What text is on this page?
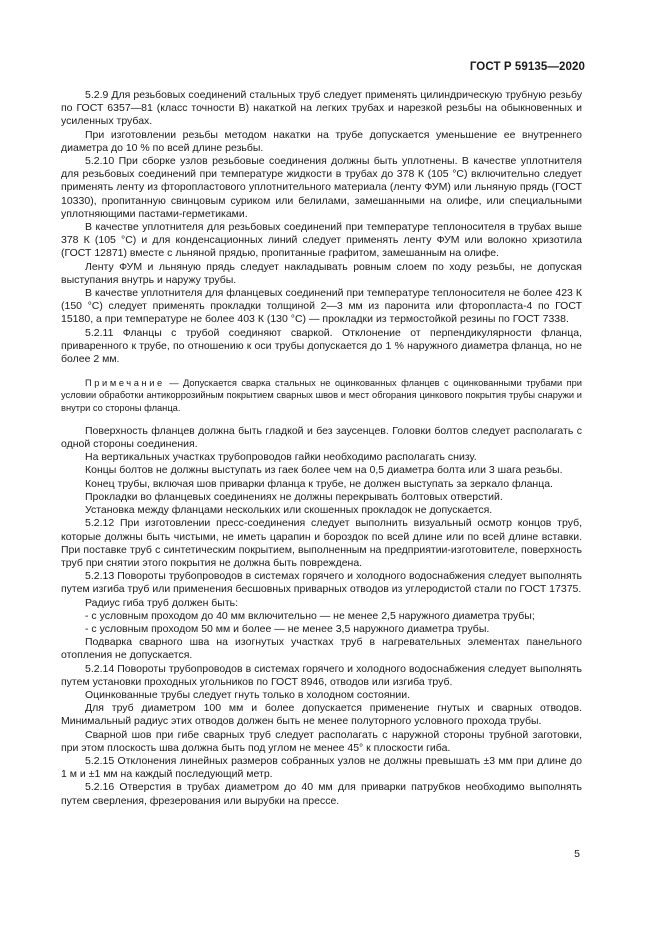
ГОСТ Р 59135—2020

5.2.9 Для резьбовых соединений стальных труб следует применять цилиндрическую трубную резьбу по ГОСТ 6357—81 (класс точности В) накаткой на легких трубах и нарезкой резьбы на обыкновенных и усиленных трубах.

При изготовлении резьбы методом накатки на трубе допускается уменьшение ее внутреннего диаметра до 10 % по всей длине резьбы.

5.2.10 При сборке узлов резьбовые соединения должны быть уплотнены. В качестве уплотнителя для резьбовых соединений при температуре жидкости в трубах до 378 К (105 °С) включительно следует применять ленту из фторопластового уплотнительного материала (ленту ФУМ) или льняную прядь (ГОСТ 10330), пропитанную свинцовым суриком или белилами, замешанными на олифе, или специальными уплотняющими пастами-герметиками.

В качестве уплотнителя для резьбовых соединений при температуре теплоносителя в трубах выше 378 К (105 °С) и для конденсационных линий следует применять ленту ФУМ или волокно хризотила (ГОСТ 12871) вместе с льняной прядью, пропитанные графитом, замешанным на олифе.

Ленту ФУМ и льняную прядь следует накладывать ровным слоем по ходу резьбы, не допуская выступания внутрь и наружу трубы.

В качестве уплотнителя для фланцевых соединений при температуре теплоносителя не более 423 К (150 °С) следует применять прокладки толщиной 2—3 мм из паронита или фторопласта-4 по ГОСТ 15180, а при температуре не более 403 К (130 °С) — прокладки из термостойкой резины по ГОСТ 7338.

5.2.11 Фланцы с трубой соединяют сваркой. Отклонение от перпендикулярности фланца, приваренного к трубе, по отношению к оси трубы допускается до 1 % наружного диаметра фланца, но не более 2 мм.

Примечание — Допускается сварка стальных не оцинкованных фланцев с оцинкованными трубами при условии обработки антикоррозийным покрытием сварных швов и мест обгорания цинкового покрытия трубы снаружи и внутри со стороны фланца.

Поверхность фланцев должна быть гладкой и без заусенцев. Головки болтов следует располагать с одной стороны соединения.

На вертикальных участках трубопроводов гайки необходимо располагать снизу.

Концы болтов не должны выступать из гаек более чем на 0,5 диаметра болта или 3 шага резьбы.

Конец трубы, включая шов приварки фланца к трубе, не должен выступать за зеркало фланца.

Прокладки во фланцевых соединениях не должны перекрывать болтовых отверстий.

Установка между фланцами нескольких или скошенных прокладок не допускается.

5.2.12 При изготовлении пресс-соединения следует выполнить визуальный осмотр концов труб, которые должны быть чистыми, не иметь царапин и бороздок по всей длине или по всей длине вставки. При поставке труб с синтетическим покрытием, выполненным на предприятии-изготовителе, поверхность труб при снятии этого покрытия не должна быть повреждена.

5.2.13 Повороты трубопроводов в системах горячего и холодного водоснабжения следует выполнять путем изгиба труб или применения бесшовных приварных отводов из углеродистой стали по ГОСТ 17375.

Радиус гиба труб должен быть:

- с условным проходом до 40 мм включительно — не менее 2,5 наружного диаметра трубы;

- с условным проходом 50 мм и более — не менее 3,5 наружного диаметра трубы.

Подварка сварного шва на изогнутых участках труб в нагревательных элементах панельного отопления не допускается.

5.2.14 Повороты трубопроводов в системах горячего и холодного водоснабжения следует выполнять путем установки проходных угольников по ГОСТ 8946, отводов или изгиба труб.

Оцинкованные трубы следует гнуть только в холодном состоянии.

Для труб диаметром 100 мм и более допускается применение гнутых и сварных отводов. Минимальный радиус этих отводов должен быть не менее полуторного условного прохода трубы.

Сварной шов при гибе сварных труб следует располагать с наружной стороны трубной заготовки, при этом плоскость шва должна быть под углом не менее 45° к плоскости гиба.

5.2.15 Отклонения линейных размеров собранных узлов не должны превышать ±3 мм при длине до 1 м и ±1 мм на каждый последующий метр.

5.2.16 Отверстия в трубах диаметром до 40 мм для приварки патрубков необходимо выполнять путем сверления, фрезерования или вырубки на прессе.

5
